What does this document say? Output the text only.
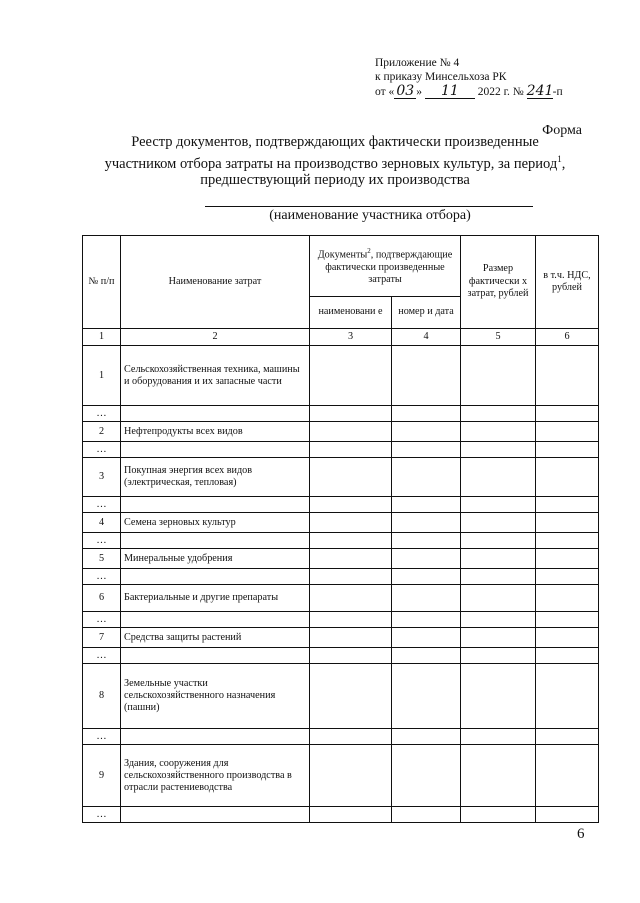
Приложение № 4
к приказу Минсельхоза РК
от « 03 » 11 2022 г. № 241-п
Форма
Реестр документов, подтверждающих фактически произведенные
участником отбора затраты на производство зерновых культур, за период$^1$,
предшествующий периоду их производства
(наименование участника отбора)
№ п/п	Наименование затрат	Документы$^2$, подтверждающие фактически произведенные затраты		Размер фактически х затрат, рублей	в т.ч. НДС, рублей
		наименовани е	номер и дата		
1	2	3	4	5	6
1	Сельскохозяйственная техника, машины и оборудования и их запасные части				
…					
2	Нефтепродукты всех видов				
…					
3	Покупная энергия всех видов (электрическая, тепловая)				
…					
4	Семена зерновых культур				
…					
5	Минеральные удобрения				
…					
6	Бактериальные и другие препараты				
…					
7	Средства защиты растений				
…					
8	Земельные участки сельскохозяйственного назначения (пашни)				
…					
9	Здания, сооружения для сельскохозяйственного производства в отрасли растениеводства				
…					
6
